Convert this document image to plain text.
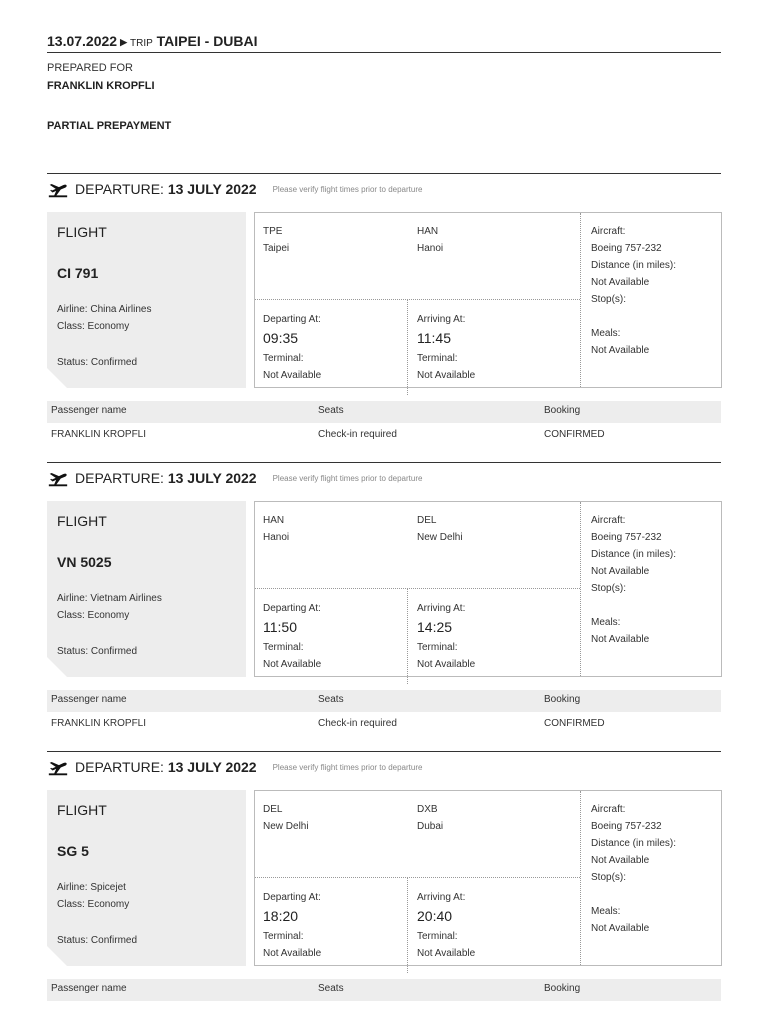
13.07.2022 ▶ TRIP TAIPEI - DUBAI
PREPARED FOR
FRANKLIN KROPFLI
PARTIAL PREPAYMENT
DEPARTURE: 13 JULY 2022 Please verify flight times prior to departure
FLIGHT
CI 791
Airline: China Airlines
Class: Economy
Status: Confirmed
TPE
Taipei
HAN
Hanoi
Departing At:
09:35
Terminal:
Not Available
Arriving At:
11:45
Terminal:
Not Available
Aircraft:
Boeing 757-232
Distance (in miles):
Not Available
Stop(s):
Meals:
Not Available
Passenger name	Seats	Booking
FRANKLIN KROPFLI	Check-in required	CONFIRMED
DEPARTURE: 13 JULY 2022 Please verify flight times prior to departure
FLIGHT
VN 5025
Airline: Vietnam Airlines
Class: Economy
Status: Confirmed
HAN
Hanoi
DEL
New Delhi
Departing At:
11:50
Terminal:
Not Available
Arriving At:
14:25
Terminal:
Not Available
Aircraft:
Boeing 757-232
Distance (in miles):
Not Available
Stop(s):
Meals:
Not Available
Passenger name	Seats	Booking
FRANKLIN KROPFLI	Check-in required	CONFIRMED
DEPARTURE: 13 JULY 2022 Please verify flight times prior to departure
FLIGHT
SG 5
Airline: Spicejet
Class: Economy
Status: Confirmed
DEL
New Delhi
DXB
Dubai
Departing At:
18:20
Terminal:
Not Available
Arriving At:
20:40
Terminal:
Not Available
Aircraft:
Boeing 757-232
Distance (in miles):
Not Available
Stop(s):
Meals:
Not Available
Passenger name	Seats	Booking
